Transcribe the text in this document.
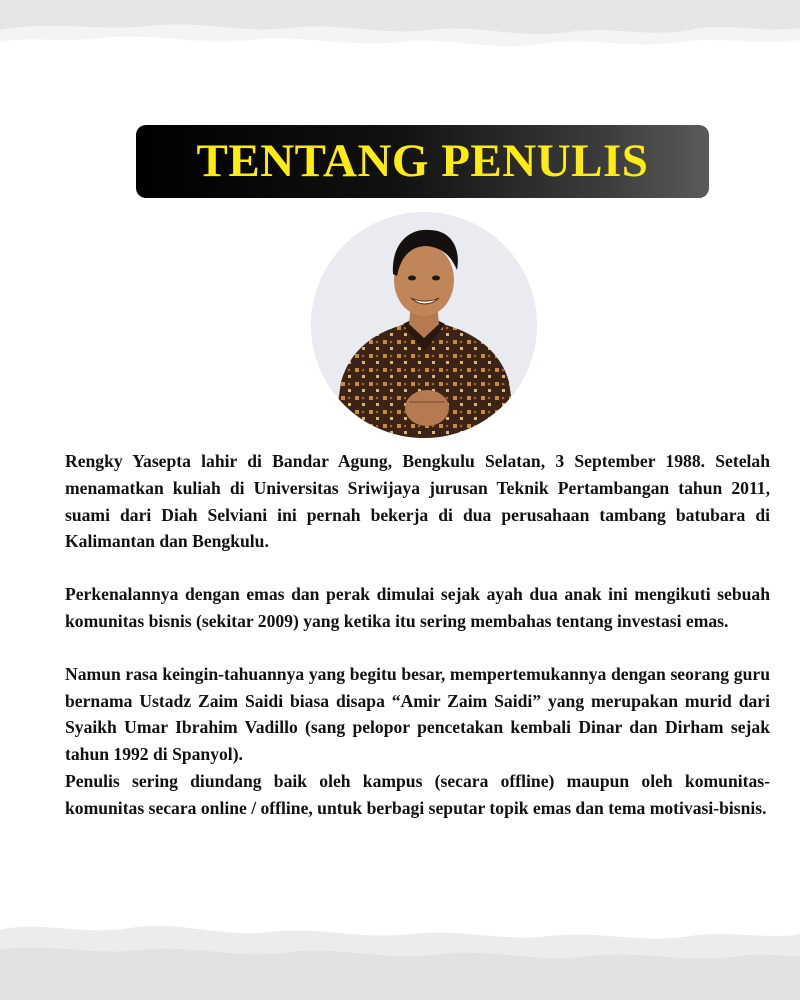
TENTANG PENULIS

Rengky Yasepta lahir di Bandar Agung, Bengkulu Selatan, 3 September 1988. Setelah menamatkan kuliah di Universitas Sriwijaya jurusan Teknik Pertambangan tahun 2011, suami dari Diah Selviani ini pernah bekerja di dua perusahaan tambang batubara di Kalimantan dan Bengkulu.

Perkenalannya dengan emas dan perak dimulai sejak ayah dua anak ini mengikuti sebuah komunitas bisnis (sekitar 2009) yang ketika itu sering membahas tentang investasi emas.

Namun rasa keingin-tahuannya yang begitu besar, mempertemukannya dengan seorang guru bernama Ustadz Zaim Saidi biasa disapa “Amir Zaim Saidi” yang merupakan murid dari Syaikh Umar Ibrahim Vadillo (sang pelopor pencetakan kembali Dinar dan Dirham sejak tahun 1992 di Spanyol).

Penulis sering diundang baik oleh kampus (secara offline) maupun oleh komunitas-komunitas secara online / offline, untuk berbagi seputar topik emas dan tema motivasi-bisnis.
